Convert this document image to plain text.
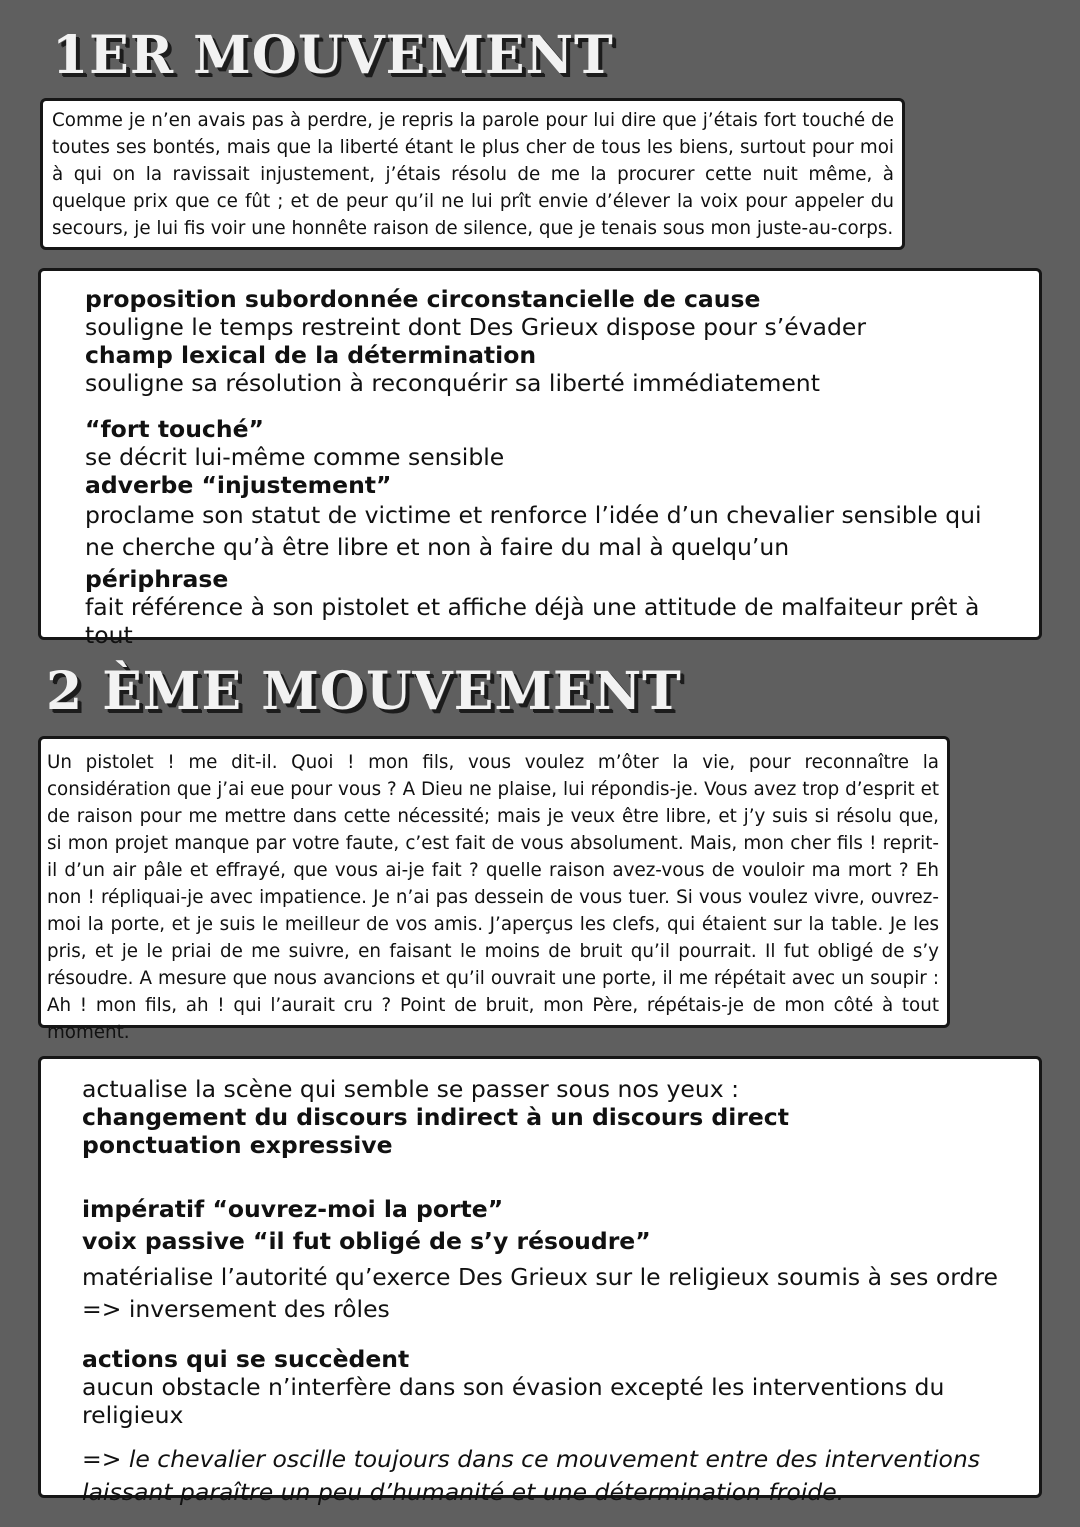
1ER MOUVEMENT

Comme je n’en avais pas à perdre, je repris la parole pour lui dire que j’étais fort touché de toutes ses bontés, mais que la liberté étant le plus cher de tous les biens, surtout pour moi à qui on la ravissait injustement, j’étais résolu de me la procurer cette nuit même, à quelque prix que ce fût ; et de peur qu’il ne lui prît envie d’élever la voix pour appeler du secours, je lui fis voir une honnête raison de silence, que je tenais sous mon juste-au-corps.

proposition subordonnée circonstancielle de cause
souligne le temps restreint dont Des Grieux dispose pour s’évader
champ lexical de la détermination
souligne sa résolution à reconquérir sa liberté immédiatement
“fort touché”
se décrit lui-même comme sensible
adverbe “injustement”
proclame son statut de victime et renforce l’idée d’un chevalier sensible qui ne cherche qu’à être libre et non à faire du mal à quelqu’un
périphrase
fait référence à son pistolet et affiche déjà une attitude de malfaiteur prêt à tout
2 ÈME MOUVEMENT

Un pistolet ! me dit-il. Quoi ! mon fils, vous voulez m’ôter la vie, pour reconnaître la considération que j’ai eue pour vous ? A Dieu ne plaise, lui répondis-je. Vous avez trop d’esprit et de raison pour me mettre dans cette nécessité; mais je veux être libre, et j’y suis si résolu que, si mon projet manque par votre faute, c’est fait de vous absolument. Mais, mon cher fils ! reprit-il d’un air pâle et effrayé, que vous ai-je fait ? quelle raison avez-vous de vouloir ma mort ? Eh non ! répliquai-je avec impatience. Je n’ai pas dessein de vous tuer. Si vous voulez vivre, ouvrez-moi la porte, et je suis le meilleur de vos amis. J’aperçus les clefs, qui étaient sur la table. Je les pris, et je le priai de me suivre, en faisant le moins de bruit qu’il pourrait. Il fut obligé de s’y résoudre. A mesure que nous avancions et qu’il ouvrait une porte, il me répétait avec un soupir : Ah ! mon fils, ah ! qui l’aurait cru ? Point de bruit, mon Père, répétais-je de mon côté à tout moment.

actualise la scène qui semble se passer sous nos yeux :
changement du discours indirect à un discours direct
ponctuation expressive
impératif “ouvrez-moi la porte”
voix passive “il fut obligé de s’y résoudre”
matérialise l’autorité qu’exerce Des Grieux sur le religieux soumis à ses ordre => inversement des rôles
actions qui se succèdent
aucun obstacle n’interfère dans son évasion excepté les interventions du religieux
=> le chevalier oscille toujours dans ce mouvement entre des interventions laissant paraître un peu d’humanité et une détermination froide.
